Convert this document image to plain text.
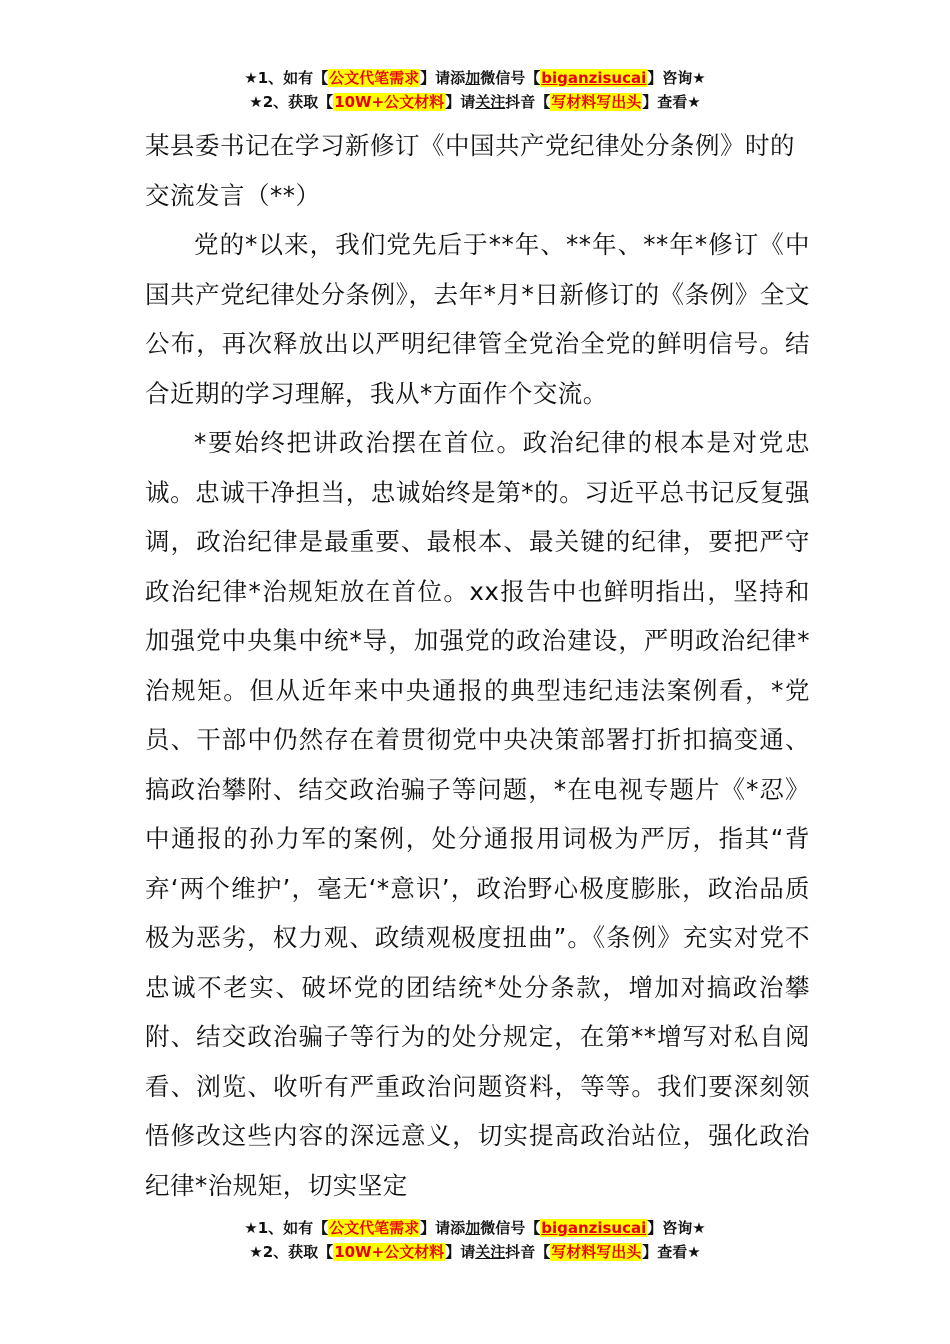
★1、如有【公文代笔需求】请添加微信号【biganzisucai】咨询★
★2、获取【10W+公文材料】请关注抖音【写材料写出头】查看★

某县委书记在学习新修订《中国共产党纪律处分条例》时的交流发言（**）

党的*以来，我们党先后于**年、**年、**年*修订《中国共产党纪律处分条例》，去年*月*日新修订的《条例》全文公布，再次释放出以严明纪律管全党治全党的鲜明信号。结合近期的学习理解，我从*方面作个交流。

*要始终把讲政治摆在首位。政治纪律的根本是对党忠诚。忠诚干净担当，忠诚始终是第*的。习近平总书记反复强调，政治纪律是最重要、最根本、最关键的纪律，要把严守政治纪律*治规矩放在首位。xx报告中也鲜明指出，坚持和加强党中央集中统*导，加强党的政治建设，严明政治纪律*治规矩。但从近年来中央通报的典型违纪违法案例看，*党员、干部中仍然存在着贯彻党中央决策部署打折扣搞变通、搞政治攀附、结交政治骗子等问题，*在电视专题片《*忍》中通报的孙力军的案例，处分通报用词极为严厉，指其“背弃‘两个维护’，毫无‘*意识’，政治野心极度膨胀，政治品质极为恶劣，权力观、政绩观极度扭曲”。《条例》充实对党不忠诚不老实、破坏党的团结统*处分条款，增加对搞政治攀附、结交政治骗子等行为的处分规定，在第**增写对私自阅看、浏览、收听有严重政治问题资料，等等。我们要深刻领悟修改这些内容的深远意义，切实提高政治站位，强化政治纪律*治规矩，切实坚定

★1、如有【公文代笔需求】请添加微信号【biganzisucai】咨询★
★2、获取【10W+公文材料】请关注抖音【写材料写出头】查看★
